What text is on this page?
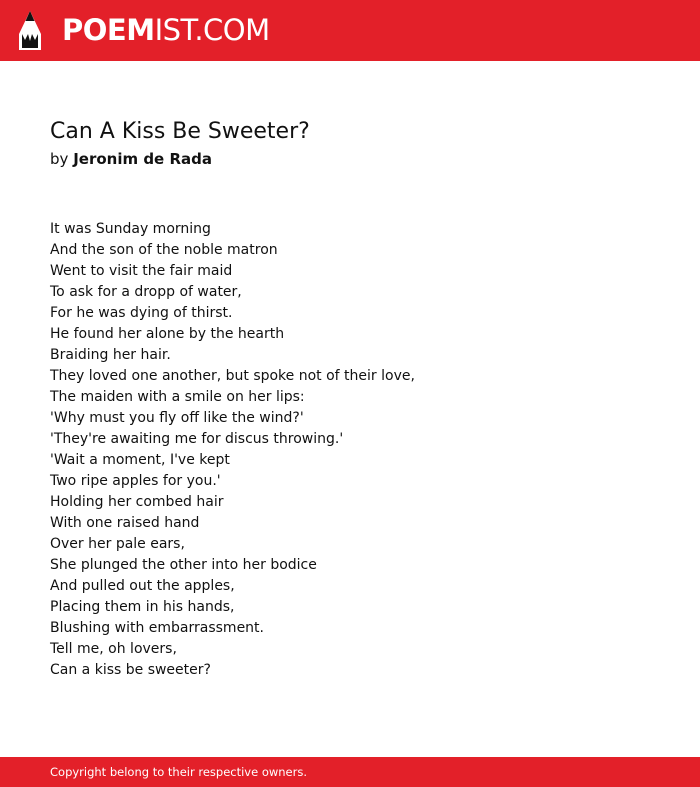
POEMIST.COM
Can A Kiss Be Sweeter?
by Jeronim de Rada
It was Sunday morning
And the son of the noble matron
Went to visit the fair maid
To ask for a dropp of water,
For he was dying of thirst.
He found her alone by the hearth
Braiding her hair.
They loved one another, but spoke not of their love,
The maiden with a smile on her lips:
'Why must you fly off like the wind?'
'They're awaiting me for discus throwing.'
'Wait a moment, I've kept
Two ripe apples for you.'
Holding her combed hair
With one raised hand
Over her pale ears,
She plunged the other into her bodice
And pulled out the apples,
Placing them in his hands,
Blushing with embarrassment.
Tell me, oh lovers,
Can a kiss be sweeter?
Copyright belong to their respective owners.
